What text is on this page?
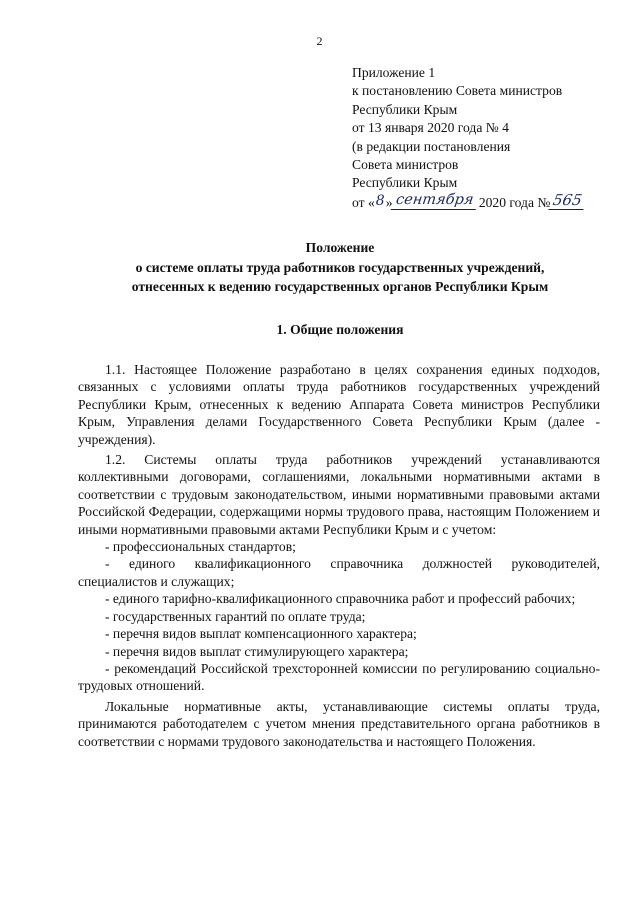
2
Приложение 1
к постановлению Совета министров
Республики Крым
от 13 января 2020 года № 4
(в редакции постановления
Совета министров
Республики Крым
от « 8 » сентября 2020 года № 565
Положение
о системе оплаты труда работников государственных учреждений,
отнесенных к ведению государственных органов Республики Крым
1. Общие положения

1.1. Настоящее Положение разработано в целях сохранения единых подходов, связанных с условиями оплаты труда работников государственных учреждений Республики Крым, отнесенных к ведению Аппарата Совета министров Республики Крым, Управления делами Государственного Совета Республики Крым (далее - учреждения).

1.2. Системы оплаты труда работников учреждений устанавливаются коллективными договорами, соглашениями, локальными нормативными актами в соответствии с трудовым законодательством, иными нормативными правовыми актами Российской Федерации, содержащими нормы трудового права, настоящим Положением и иными нормативными правовыми актами Республики Крым и с учетом:

- профессиональных стандартов;

- единого квалификационного справочника должностей руководителей, специалистов и служащих;

- единого тарифно-квалификационного справочника работ и профессий рабочих;

- государственных гарантий по оплате труда;

- перечня видов выплат компенсационного характера;

- перечня видов выплат стимулирующего характера;

- рекомендаций Российской трехсторонней комиссии по регулированию социально-трудовых отношений.

Локальные нормативные акты, устанавливающие системы оплаты труда, принимаются работодателем с учетом мнения представительного органа работников в соответствии с нормами трудового законодательства и настоящего Положения.
